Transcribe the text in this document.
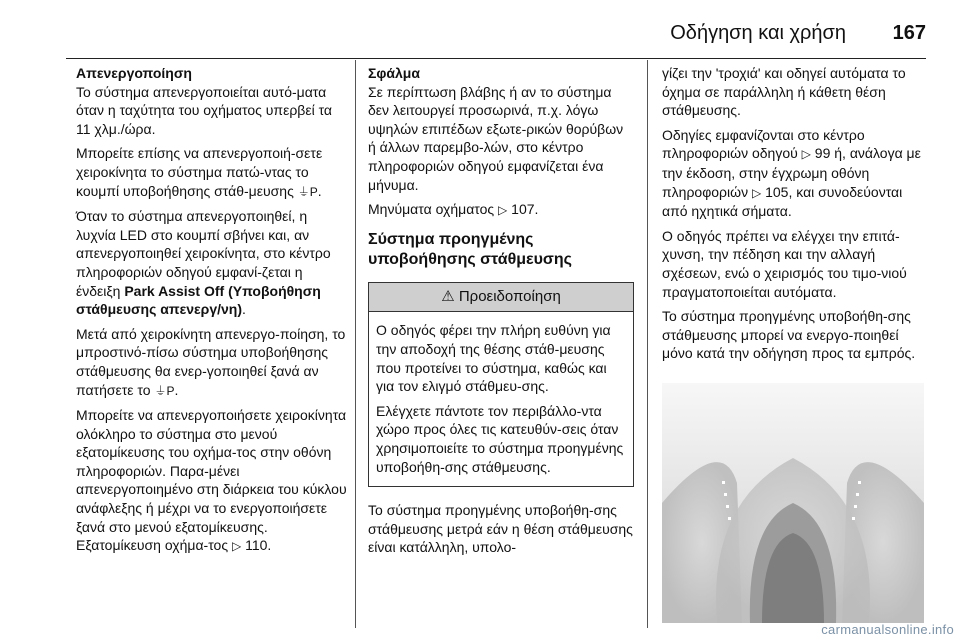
Οδήγηση και χρήση 167
Απενεργοποίηση

Το σύστημα απενεργοποιείται αυτό-ματα όταν η ταχύτητα του οχήματος υπερβεί τα 11 χλμ./ώρα.

Μπορείτε επίσης να απενεργοποιή-σετε χειροκίνητα το σύστημα πατώ-ντας το κουμπί υποβοήθησης στάθ-μευσης ⏚P.

Όταν το σύστημα απενεργοποιηθεί, η λυχνία LED στο κουμπί σβήνει και, αν απενεργοποιηθεί χειροκίνητα, στο κέντρο πληροφοριών οδηγού εμφανί-ζεται η ένδειξη Park Assist Off (Υποβοήθηση στάθμευσης απενεργ/νη).

Μετά από χειροκίνητη απενεργο-ποίηση, το μπροστινό-πίσω σύστημα υποβοήθησης στάθμευσης θα ενερ-γοποιηθεί ξανά αν πατήσετε το ⏚P.

Μπορείτε να απενεργοποιήσετε χειροκίνητα ολόκληρο το σύστημα στο μενού εξατομίκευσης του οχήμα-τος στην οθόνη πληροφοριών. Παρα-μένει απενεργοποιημένο στη διάρκεια του κύκλου ανάφλεξης ή μέχρι να το ενεργοποιήσετε ξανά στο μενού εξατομίκευσης. Εξατομίκευση οχήμα-τος ▷ 110.

Σφάλμα

Σε περίπτωση βλάβης ή αν το σύστημα δεν λειτουργεί προσωρινά, π.χ. λόγω υψηλών επιπέδων εξωτε-ρικών θορύβων ή άλλων παρεμβο-λών, στο κέντρο πληροφοριών οδηγού εμφανίζεται ένα μήνυμα.

Μηνύματα οχήματος ▷ 107.

Σύστημα προηγμένης υποβοήθησης στάθμευσης
⚠ Προειδοποίηση

Ο οδηγός φέρει την πλήρη ευθύνη για την αποδοχή της θέσης στάθ-μευσης που προτείνει το σύστημα, καθώς και για τον ελιγμό στάθμευ-σης.

Ελέγχετε πάντοτε τον περιβάλλο-ντα χώρο προς όλες τις κατευθύν-σεις όταν χρησιμοποιείτε το σύστημα προηγμένης υποβοήθη-σης στάθμευσης.

Το σύστημα προηγμένης υποβοήθη-σης στάθμευσης μετρά εάν η θέση στάθμευσης είναι κατάλληλη, υπολο-

γίζει την 'τροχιά' και οδηγεί αυτόματα το όχημα σε παράλληλη ή κάθετη θέση στάθμευσης.

Οδηγίες εμφανίζονται στο κέντρο πληροφοριών οδηγού ▷ 99 ή, ανάλογα με την έκδοση, στην έγχρωμη οθόνη πληροφοριών ▷ 105, και συνοδεύονται από ηχητικά σήματα.

Ο οδηγός πρέπει να ελέγχει την επιτά-χυνση, την πέδηση και την αλλαγή σχέσεων, ενώ ο χειρισμός του τιμο-νιού πραγματοποιείται αυτόματα.

Το σύστημα προηγμένης υποβοήθη-σης στάθμευσης μπορεί να ενεργο-ποιηθεί μόνο κατά την οδήγηση προς τα εμπρός.

carmanualsonline.info
